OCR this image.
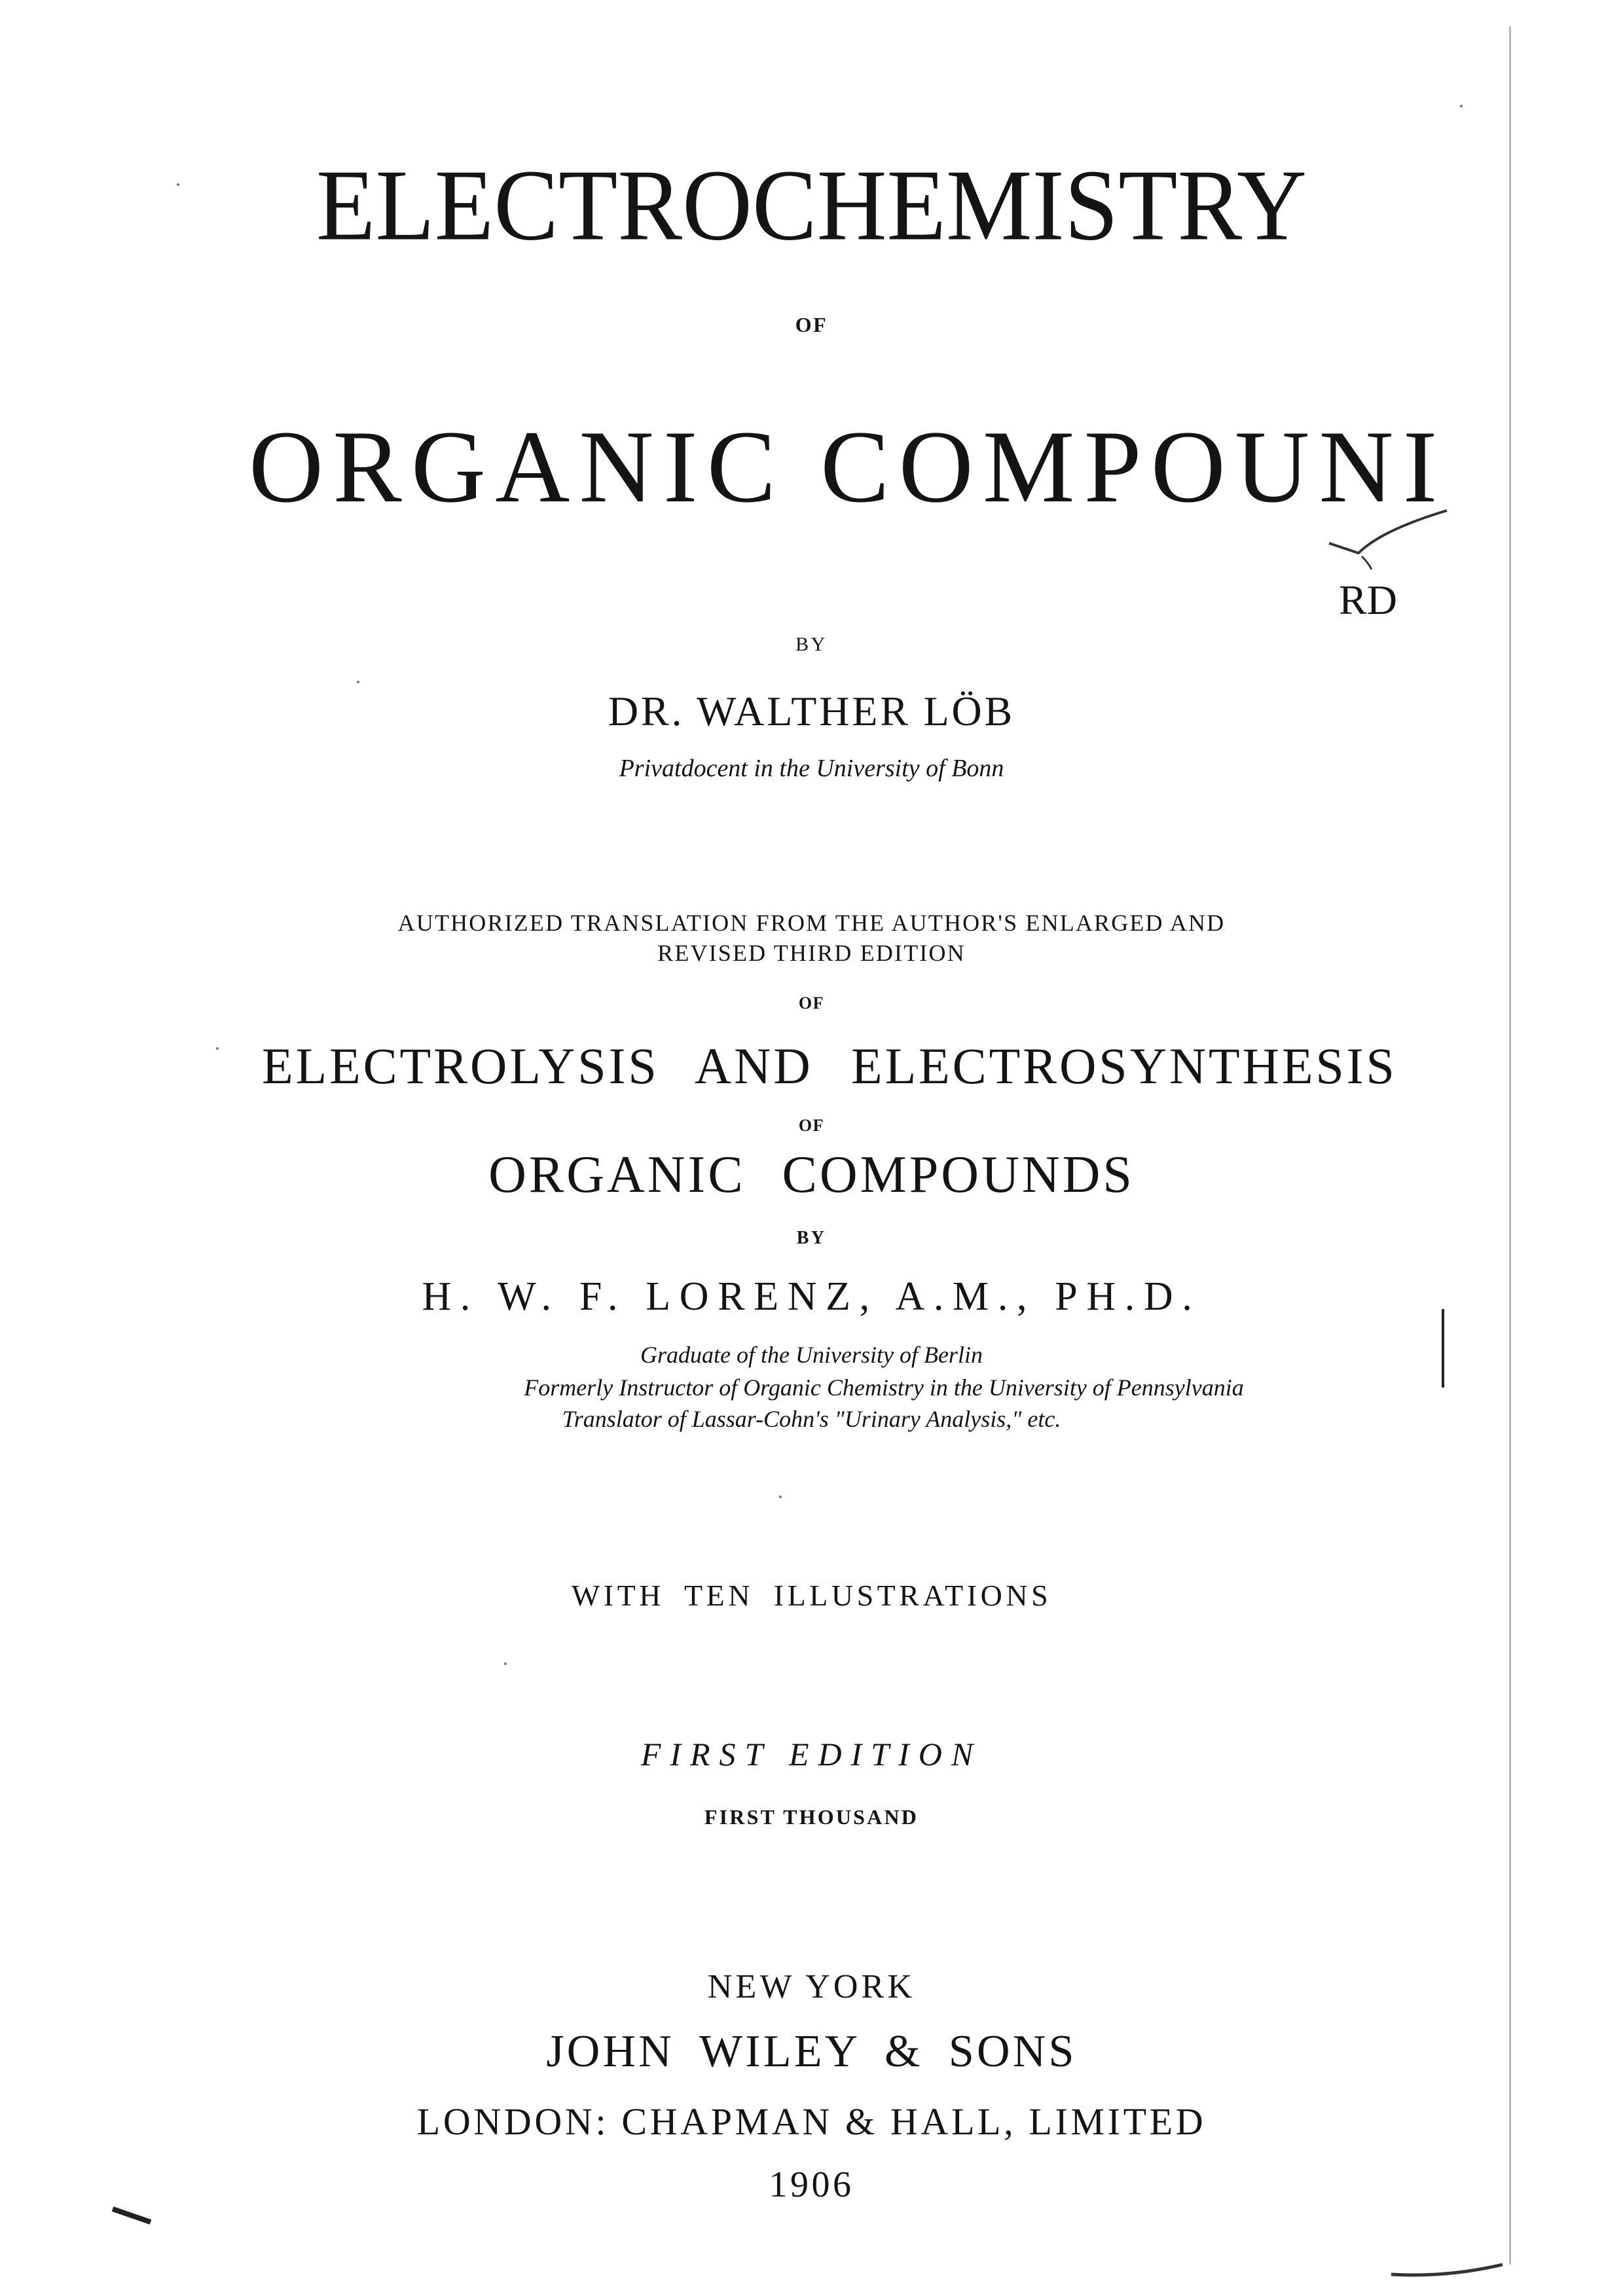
ELECTROCHEMISTRY
OF
ORGANIC COMPOUNI
RD
BY
DR. WALTHER LÖB
Privatdocent in the University of Bonn
AUTHORIZED TRANSLATION FROM THE AUTHOR'S ENLARGED AND
REVISED THIRD EDITION
OF
ELECTROLYSIS AND ELECTROSYNTHESIS
OF
ORGANIC COMPOUNDS
BY
H. W. F. LORENZ, A.M., PH.D.
Graduate of the University of Berlin
Formerly Instructor of Organic Chemistry in the University of Pennsylvania
Translator of Lassar-Cohn's "Urinary Analysis," etc.
WITH TEN ILLUSTRATIONS
FIRST EDITION
FIRST THOUSAND
NEW YORK
JOHN WILEY & SONS
LONDON: CHAPMAN & HALL, LIMITED
1906
